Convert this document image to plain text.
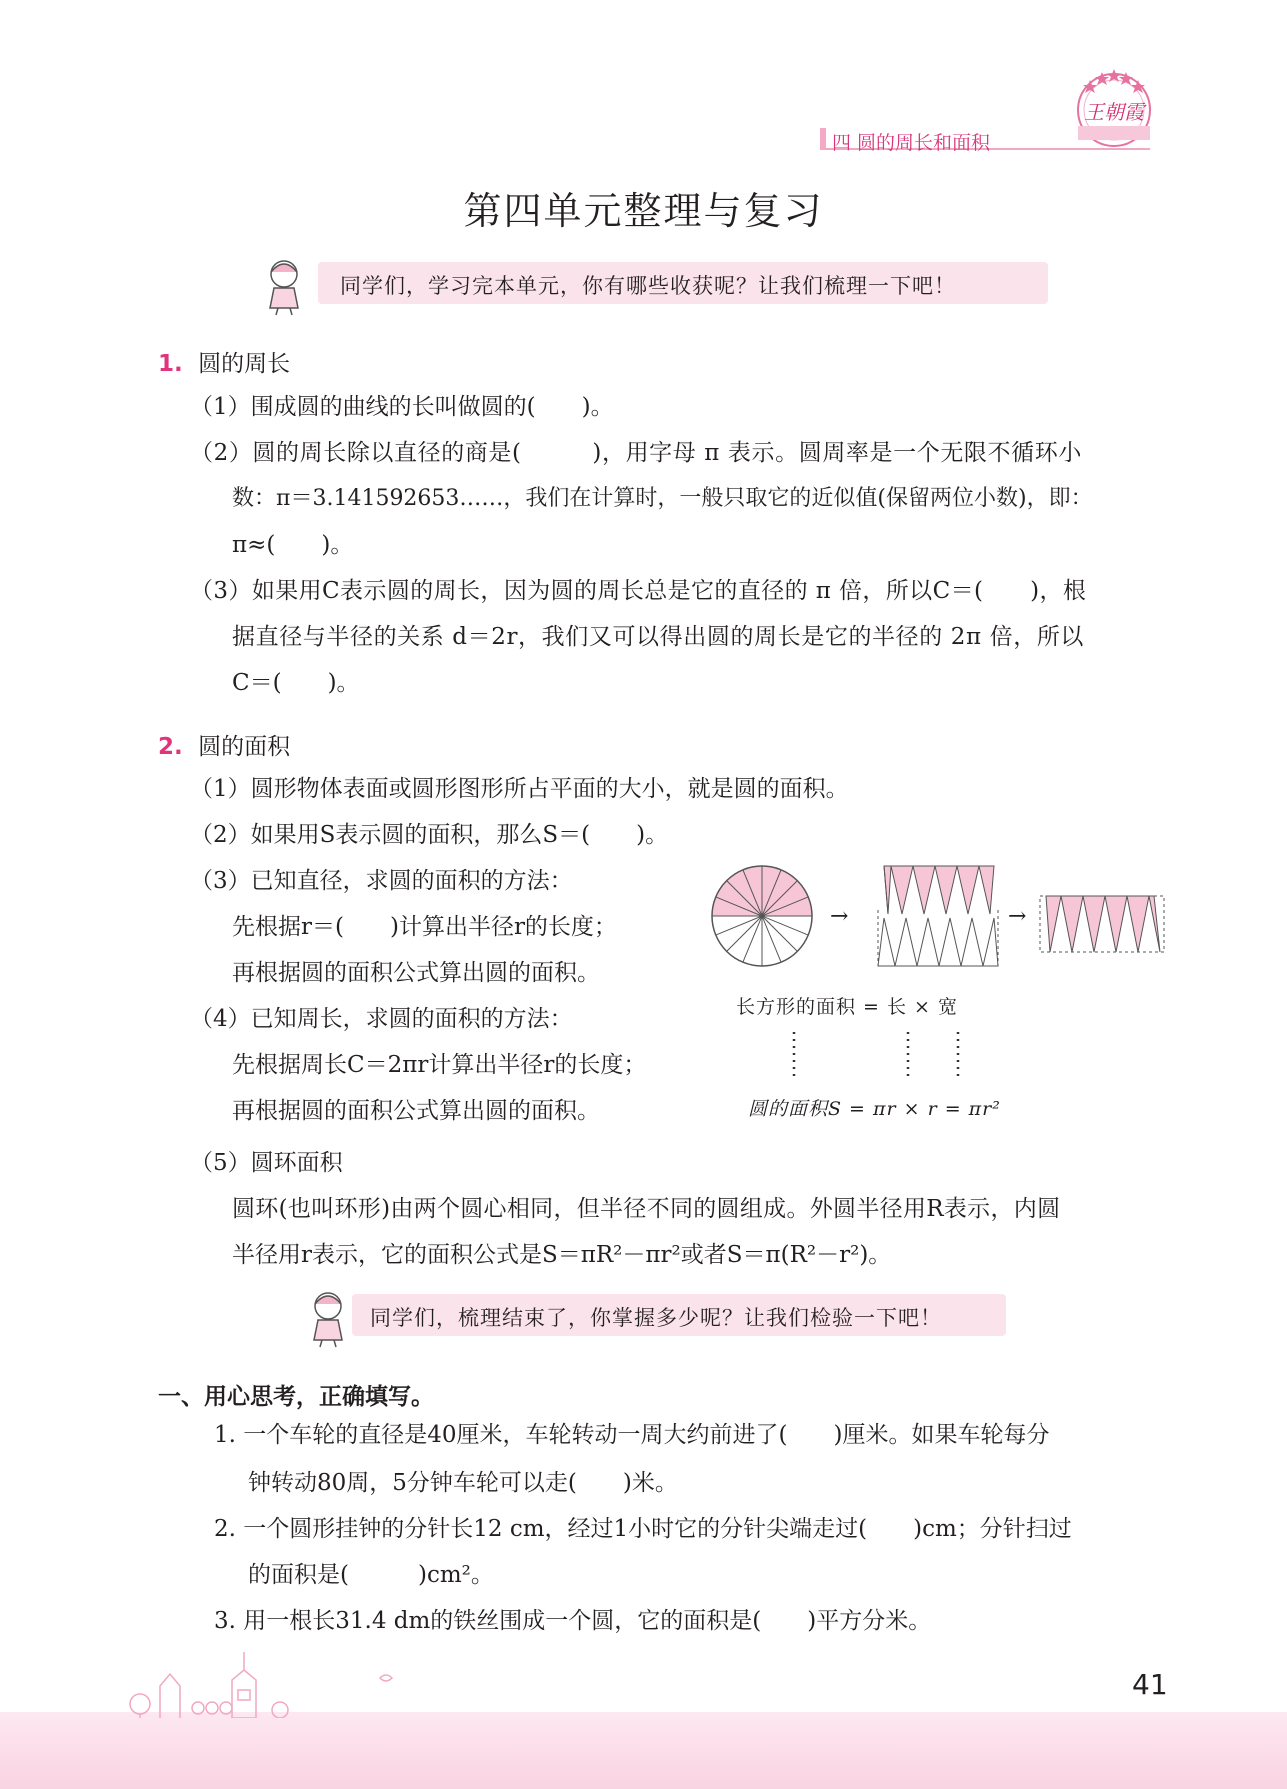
四 圆的周长和面积
王朝霞
第四单元整理与复习
同学们，学习完本单元，你有哪些收获呢？让我们梳理一下吧！
1. 圆的周长
（1）围成圆的曲线的长叫做圆的(　　)。
（2）圆的周长除以直径的商是(　　　)，用字母 π 表示。圆周率是一个无限不循环小
数：π＝3.141592653……，我们在计算时，一般只取它的近似值(保留两位小数)，即：
π≈(　　)。
（3）如果用C表示圆的周长，因为圆的周长总是它的直径的 π 倍，所以C＝(　　)，根
据直径与半径的关系 d＝2r，我们又可以得出圆的周长是它的半径的 2π 倍，所以
C＝(　　)。
2. 圆的面积
（1）圆形物体表面或圆形图形所占平面的大小，就是圆的面积。
（2）如果用S表示圆的面积，那么S＝(　　)。
（3）已知直径，求圆的面积的方法：
先根据r＝(　　)计算出半径r的长度；
再根据圆的面积公式算出圆的面积。
（4）已知周长，求圆的面积的方法：
先根据周长C＝2πr计算出半径r的长度；
再根据圆的面积公式算出圆的面积。
（5）圆环面积
圆环(也叫环形)由两个圆心相同，但半径不同的圆组成。外圆半径用R表示，内圆
半径用r表示，它的面积公式是S＝πR²－πr²或者S＝π(R²－r²)。
→	→
长方形的面积 = 长 × 宽
圆的面积S = πr × r = πr²
同学们，梳理结束了，你掌握多少呢？让我们检验一下吧！
一、用心思考，正确填写。
1. 一个车轮的直径是40厘米，车轮转动一周大约前进了(　　)厘米。如果车轮每分
钟转动80周，5分钟车轮可以走(　　)米。
2. 一个圆形挂钟的分针长12 cm，经过1小时它的分针尖端走过(　　)cm；分针扫过
的面积是(　　　)cm²。
3. 用一根长31.4 dm的铁丝围成一个圆，它的面积是(　　)平方分米。
41
